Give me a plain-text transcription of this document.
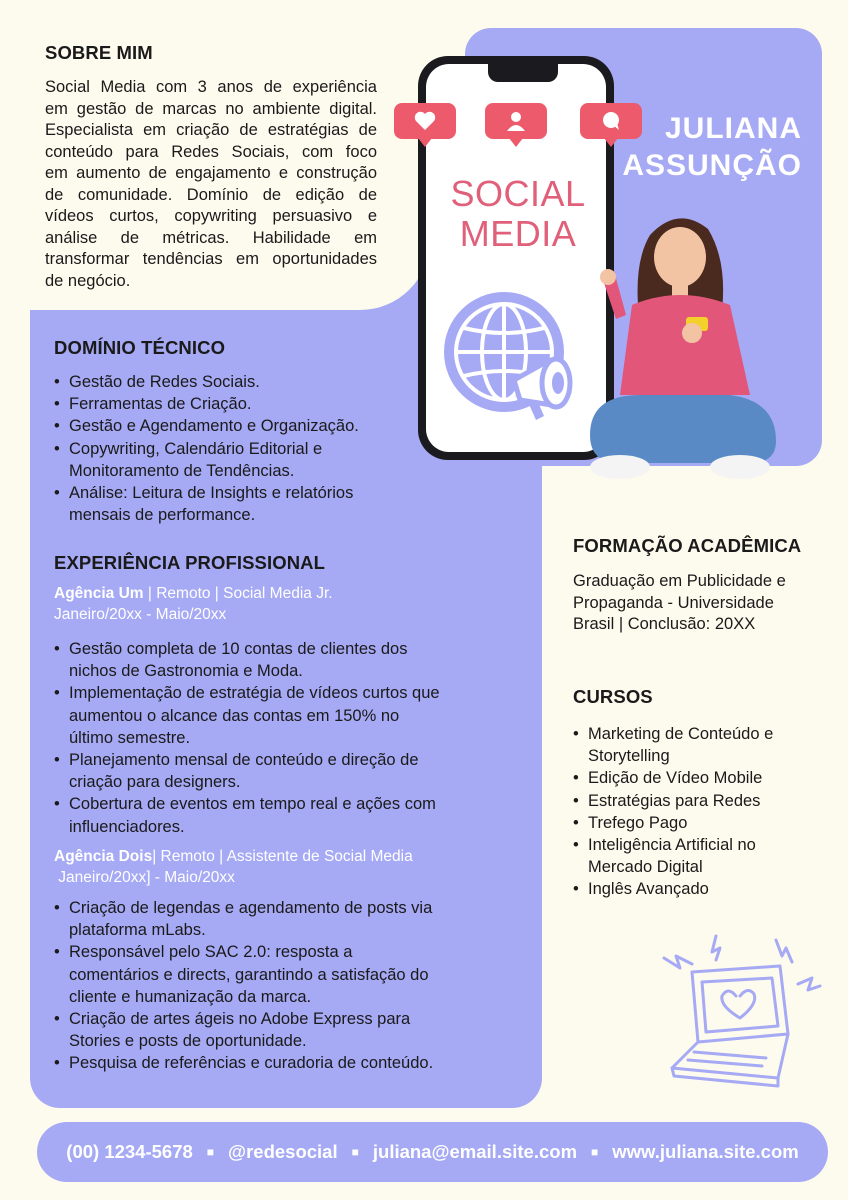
SOBRE MIM
Social Media com 3 anos de experiência
em gestão de marcas no ambiente digital.
Especialista em criação de estratégias de
conteúdo para Redes Sociais, com foco
em aumento de engajamento e construção
de comunidade. Domínio de edição de
vídeos curtos, copywriting persuasivo e
análise de métricas. Habilidade em
transformar tendências em oportunidades
de negócio.
DOMÍNIO TÉCNICO
• Gestão de Redes Sociais.
• Ferramentas de Criação.
• Gestão e Agendamento e Organização.
• Copywriting, Calendário Editorial e
Monitoramento de Tendências.
• Análise: Leitura de Insights e relatórios
mensais de performance.
EXPERIÊNCIA PROFISSIONAL
Agência Um | Remoto | Social Media Jr.
Janeiro/20xx - Maio/20xx
• Gestão completa de 10 contas de clientes dos
nichos de Gastronomia e Moda.
• Implementação de estratégia de vídeos curtos que
aumentou o alcance das contas em 150% no
último semestre.
• Planejamento mensal de conteúdo e direção de
criação para designers.
• Cobertura de eventos em tempo real e ações com
influenciadores.
Agência Dois| Remoto | Assistente de Social Media
Janeiro/20xx] - Maio/20xx
• Criação de legendas e agendamento de posts via
plataforma mLabs.
• Responsável pelo SAC 2.0: resposta a
comentários e directs, garantindo a satisfação do
cliente e humanização da marca.
• Criação de artes ágeis no Adobe Express para
Stories e posts de oportunidade.
• Pesquisa de referências e curadoria de conteúdo.
JULIANA
ASSUNÇÃO
SOCIAL
MEDIA
FORMAÇÃO ACADÊMICA
Graduação em Publicidade e
Propaganda - Universidade
Brasil | Conclusão: 20XX
CURSOS
• Marketing de Conteúdo e
Storytelling
• Edição de Vídeo Mobile
• Estratégias para Redes
• Trefego Pago
• Inteligência Artificial no
Mercado Digital
• Inglês Avançado
(00) 1234-5678 ■ @redesocial ■ juliana@email.site.com ■ www.juliana.site.com
